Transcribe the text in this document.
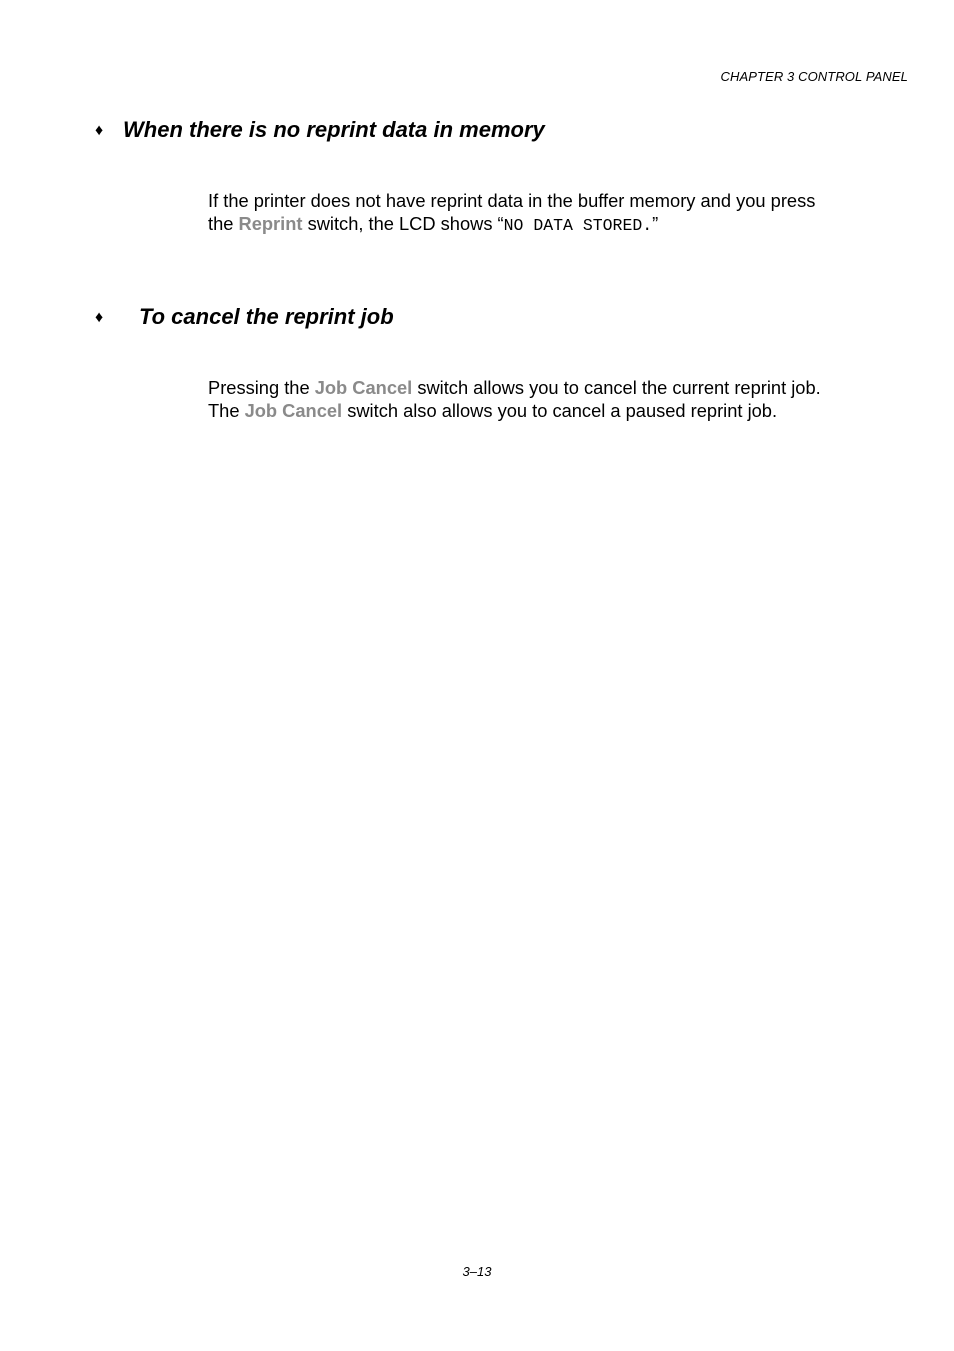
CHAPTER 3 CONTROL PANEL
♦ When there is no reprint data in memory
If the printer does not have reprint data in the buffer memory and you press
the Reprint switch, the LCD shows “NO DATA STORED.”
♦ To cancel the reprint job
Pressing the Job Cancel switch allows you to cancel the current reprint job.
The Job Cancel switch also allows you to cancel a paused reprint job.
3–13
